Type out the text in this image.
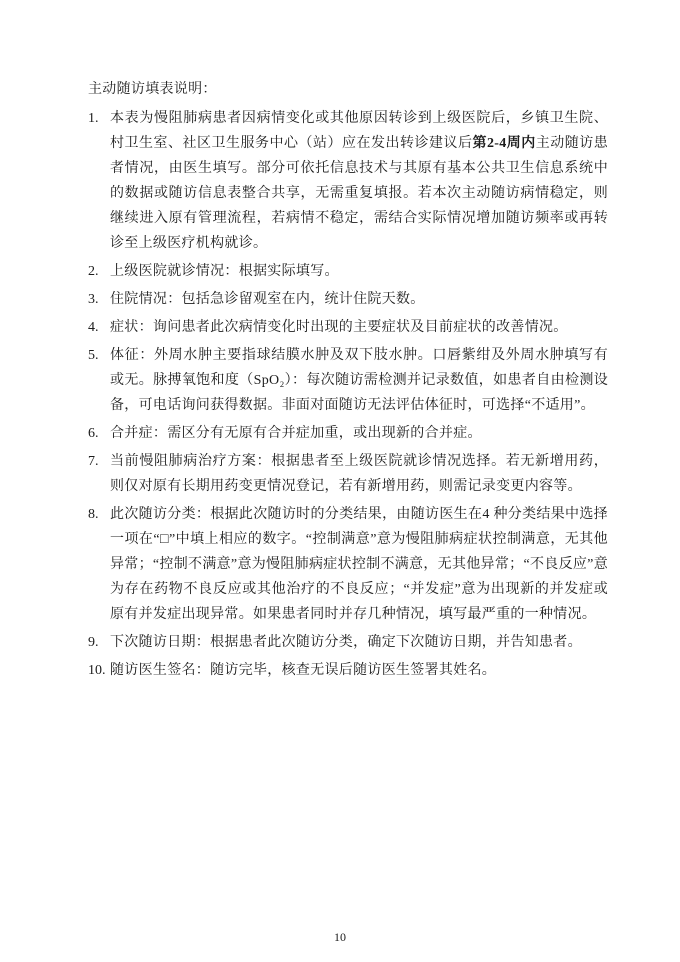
主动随访填表说明：
1. 本表为慢阻肺病患者因病情变化或其他原因转诊到上级医院后，乡镇卫生院、村卫生室、社区卫生服务中心（站）应在发出转诊建议后第2-4周内主动随访患者情况，由医生填写。部分可依托信息技术与其原有基本公共卫生信息系统中的数据或随访信息表整合共享，无需重复填报。若本次主动随访病情稳定，则继续进入原有管理流程，若病情不稳定，需结合实际情况增加随访频率或再转诊至上级医疗机构就诊。
2. 上级医院就诊情况：根据实际填写。
3. 住院情况：包括急诊留观室在内，统计住院天数。
4. 症状：询问患者此次病情变化时出现的主要症状及目前症状的改善情况。
5. 体征：外周水肿主要指球结膜水肿及双下肢水肿。口唇紫绀及外周水肿填写有或无。脉搏氧饱和度（SpO₂）：每次随访需检测并记录数值，如患者自由检测设备，可电话询问获得数据。非面对面随访无法评估体征时，可选择“不适用”。
6. 合并症：需区分有无原有合并症加重，或出现新的合并症。
7. 当前慢阻肺病治疗方案：根据患者至上级医院就诊情况选择。若无新增用药，则仅对原有长期用药变更情况登记，若有新增用药，则需记录变更内容等。
8. 此次随访分类：根据此次随访时的分类结果，由随访医生在4 种分类结果中选择一项在“□”中填上相应的数字。“控制满意”意为慢阻肺病症状控制满意，无其他异常；“控制不满意”意为慢阻肺病症状控制不满意，无其他异常；“不良反应”意为存在药物不良反应或其他治疗的不良反应；“并发症”意为出现新的并发症或原有并发症出现异常。如果患者同时并存几种情况，填写最严重的一种情况。
9. 下次随访日期：根据患者此次随访分类，确定下次随访日期，并告知患者。
10. 随访医生签名：随访完毕，核查无误后随访医生签署其姓名。
10
